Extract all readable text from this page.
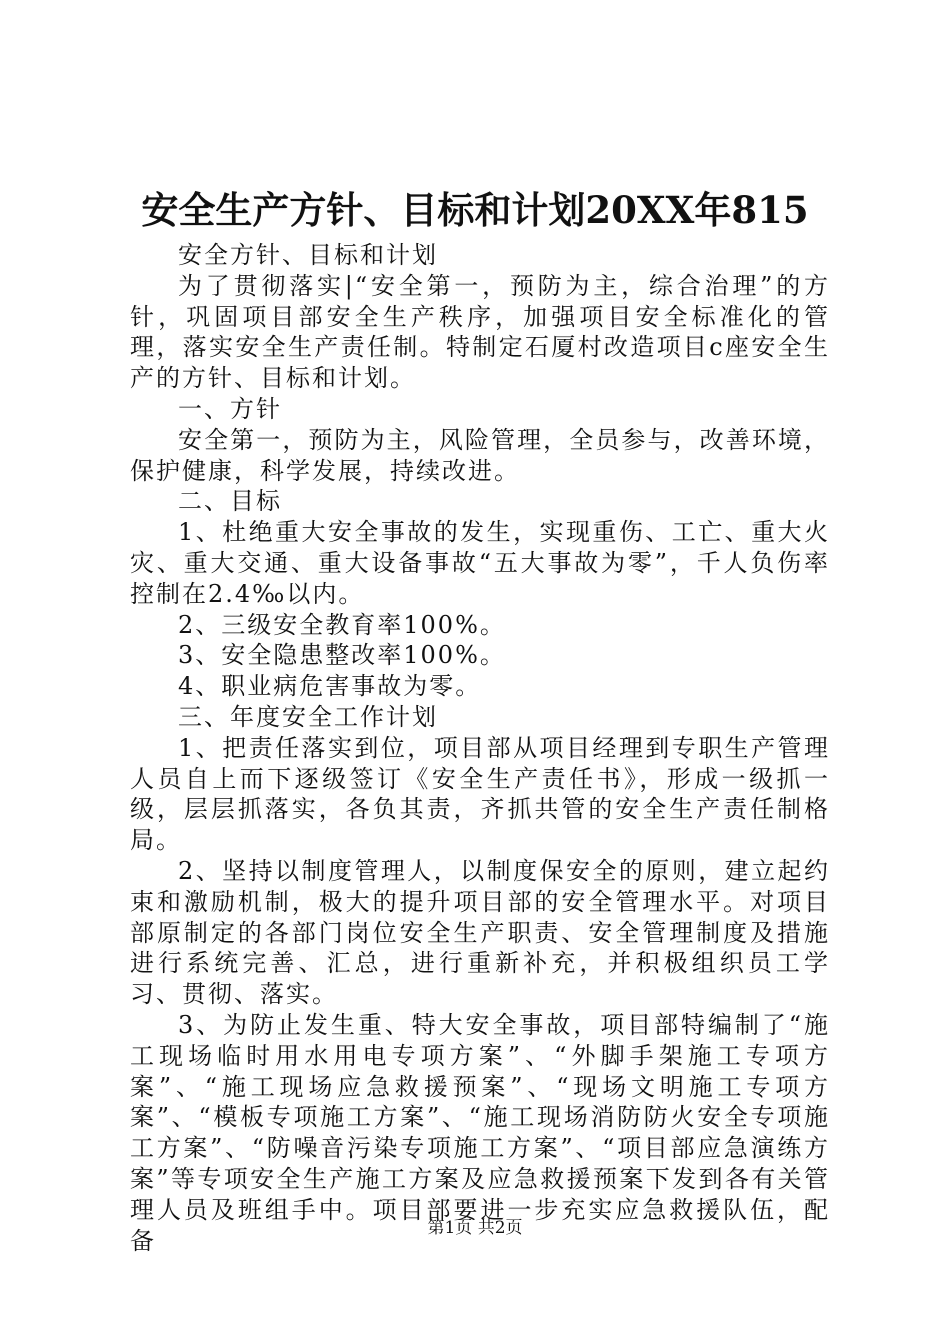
安全生产方针、目标和计划20XX年815

安全方针、目标和计划

为了贯彻落实|“安全第一，预防为主，综合治理”的方针，巩固项目部安全生产秩序，加强项目安全标准化的管理，落实安全生产责任制。特制定石厦村改造项目c座安全生产的方针、目标和计划。

一、方针

安全第一，预防为主，风险管理，全员参与，改善环境，保护健康，科学发展，持续改进。

二、目标

1、杜绝重大安全事故的发生，实现重伤、工亡、重大火灾、重大交通、重大设备事故“五大事故为零”，千人负伤率控制在2.4‰以内。

2、三级安全教育率100%。

3、安全隐患整改率100%。

4、职业病危害事故为零。

三、年度安全工作计划

1、把责任落实到位，项目部从项目经理到专职生产管理人员自上而下逐级签订《安全生产责任书》，形成一级抓一级，层层抓落实，各负其责，齐抓共管的安全生产责任制格局。

2、坚持以制度管理人，以制度保安全的原则，建立起约束和激励机制，极大的提升项目部的安全管理水平。对项目部原制定的各部门岗位安全生产职责、安全管理制度及措施进行系统完善、汇总，进行重新补充，并积极组织员工学习、贯彻、落实。

3、为防止发生重、特大安全事故，项目部特编制了“施工现场临时用水用电专项方案”、“外脚手架施工专项方案”、“施工现场应急救援预案”、“现场文明施工专项方案”、“模板专项施工方案”、“施工现场消防防火安全专项施工方案”、“防噪音污染专项施工方案”、“项目部应急演练方案”等专项安全生产施工方案及应急救援预案下发到各有关管理人员及班组手中。项目部要进一步充实应急救援队伍，配备	第1页 共2页
